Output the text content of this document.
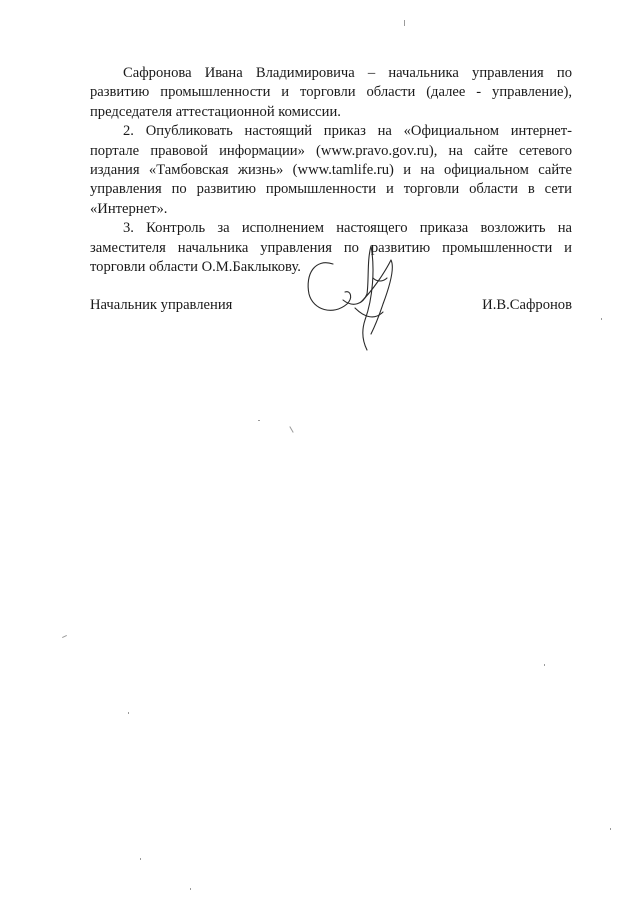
Сафронова Ивана Владимировича – начальника управления по развитию промышленности и торговли области (далее - управление), председателя аттестационной комиссии.

2. Опубликовать настоящий приказ на «Официальном интернет-портале правовой информации» (www.pravo.gov.ru), на сайте сетевого издания «Тамбовская жизнь» (www.tamlife.ru) и на официальном сайте управления по развитию промышленности и торговли области в сети «Интернет».

3. Контроль за исполнением настоящего приказа возложить на заместителя начальника управления по развитию промышленности и торговли области О.М.Баклыкову.

Начальник управления	И.В.Сафронов
